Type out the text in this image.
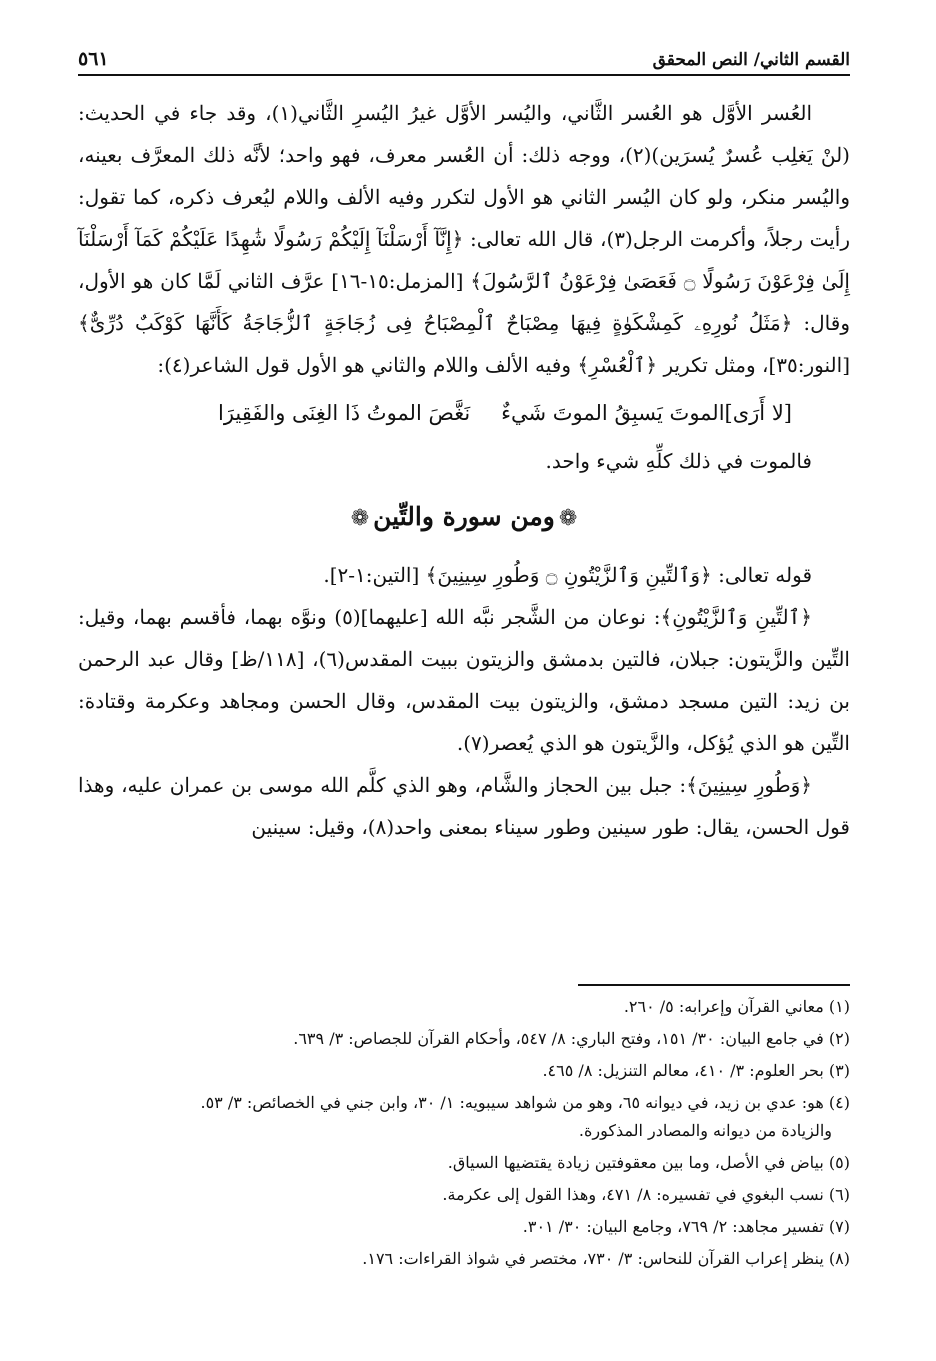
القسم الثاني/ النص المحقق
٥٦١

العُسر الأوَّل هو العُسر الثَّاني، واليُسر الأوَّل غيرُ اليُسرِ الثَّاني(١)، وقد جاء في الحديث: (لنْ يَغلِب عُسرٌ يُسرَين)(٢)، ووجه ذلك: أن العُسر معرف، فهو واحد؛ لأنَّه ذلك المعرَّف بعينه، واليُسر منكر، ولو كان اليُسر الثاني هو الأول لتكرر وفيه الألف واللام ليُعرف ذكره، كما تقول: رأيت رجلاً، وأكرمت الرجل(٣)، قال الله تعالى: ﴿إِنَّآ أَرْسَلْنَآ إِلَيْكُمْ رَسُولًا شَٰهِدًا عَلَيْكُمْ كَمَآ أَرْسَلْنَآ إِلَىٰ فِرْعَوْنَ رَسُولًا ۝ فَعَصَىٰ فِرْعَوْنُ ٱلرَّسُولَ﴾ [المزمل:١٥-١٦] عرَّف الثاني لَمَّا كان هو الأول، وقال: ﴿مَثَلُ نُورِهِۦ كَمِشْكَوٰةٍ فِيهَا مِصْبَاحٌ ٱلْمِصْبَاحُ فِى زُجَاجَةٍ ٱلزُّجَاجَةُ كَأَنَّهَا كَوْكَبٌ دُرِّىٌّ﴾ [النور:٣٥]، ومثل تكرير ﴿ٱلْعُسْرِ﴾ وفيه الألف واللام والثاني هو الأول قول الشاعر(٤):

[لا أَرَى]الموتَ يَسبِقُ الموتَ شَيءٌ
نَغَّصَ الموتُ ذَا الغِنَى والفَقِيرَا

فالموت في ذلك كلِّهِ شيء واحد.

❁ومن سورة والتِّين❁

قوله تعالى: ﴿وَٱلتِّينِ وَٱلزَّيْتُونِ ۝ وَطُورِ سِينِينَ﴾ [التين:١-٢].

﴿ٱلتِّينِ وَٱلزَّيْتُونِ﴾: نوعان من الشَّجر نبَّه الله [عليهما](٥) ونوَّه بهما، فأقسم بهما، وقيل: التِّين والزَّيتون: جبلان، فالتين بدمشق والزيتون ببيت المقدس(٦)، [١١٨/ظ] وقال عبد الرحمن بن زيد: التين مسجد دمشق، والزيتون بيت المقدس، وقال الحسن ومجاهد وعكرمة وقتادة: التِّين هو الذي يُؤكل، والزَّيتون هو الذي يُعصر(٧).

﴿وَطُورِ سِينِينَ﴾: جبل بين الحجاز والشَّام، وهو الذي كلَّم الله موسى بن عمران عليه، وهذا قول الحسن، يقال: طور سينين وطور سيناء بمعنى واحد(٨)، وقيل: سينين

(١) معاني القرآن وإعرابه: ٥/ ٢٦٠.

(٢) في جامع البيان: ٣٠/ ١٥١، وفتح الباري: ٨/ ٥٤٧، وأحكام القرآن للجصاص: ٣/ ٦٣٩.

(٣) بحر العلوم: ٣/ ٤١٠، معالم التنزيل: ٨/ ٤٦٥.

(٤) هو: عدي بن زيد، في ديوانه ٦٥، وهو من شواهد سيبويه: ١/ ٣٠، وابن جني في الخصائص: ٣/ ٥٣.

والزيادة من ديوانه والمصادر المذكورة.

(٥) بياض في الأصل، وما بين معقوفتين زيادة يقتضيها السياق.

(٦) نسب البغوي في تفسيره: ٨/ ٤٧١، وهذا القول إلى عكرمة.

(٧) تفسير مجاهد: ٢/ ٧٦٩، وجامع البيان: ٣٠/ ٣٠١.

(٨) ينظر إعراب القرآن للنحاس: ٣/ ٧٣٠، مختصر في شواذ القراءات: ١٧٦.
